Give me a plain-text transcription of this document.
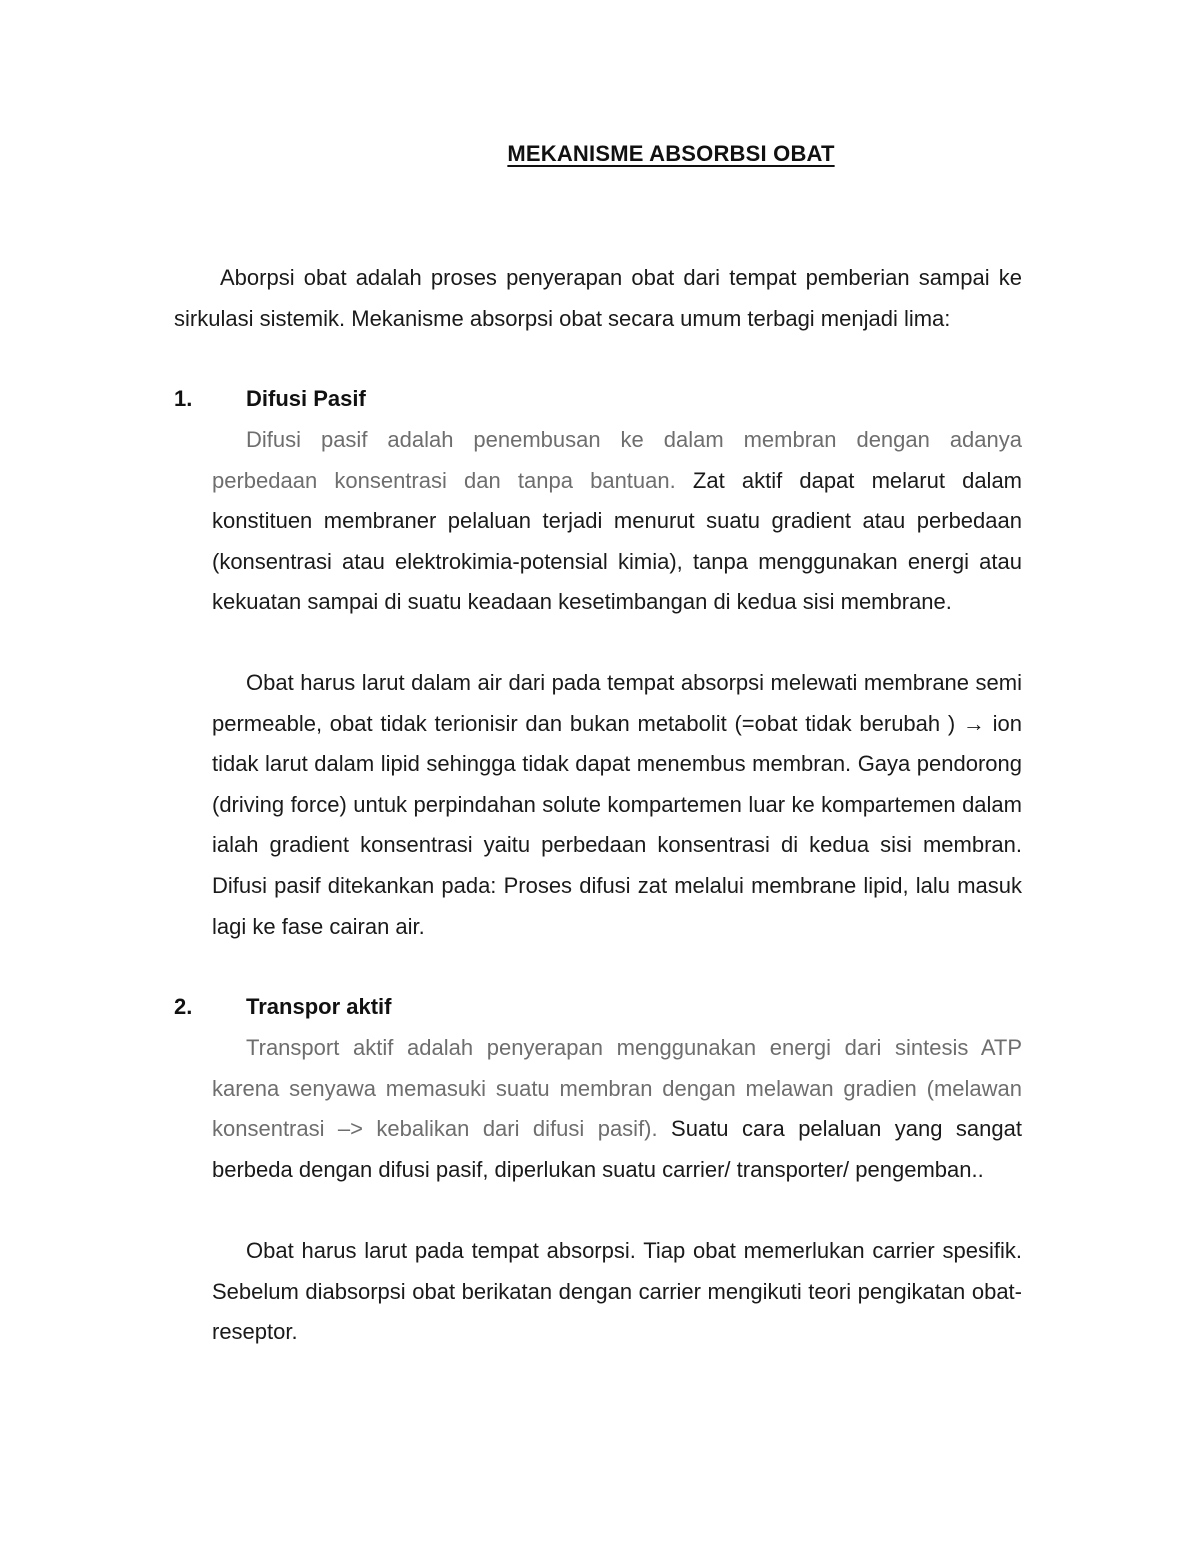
MEKANISME ABSORBSI OBAT
Aborpsi obat adalah proses penyerapan obat dari tempat pemberian sampai ke sirkulasi sistemik. Mekanisme absorpsi obat secara umum terbagi menjadi lima:
1. Difusi Pasif
Difusi pasif adalah penembusan ke dalam membran dengan adanya perbedaan konsentrasi dan tanpa bantuan. Zat aktif dapat melarut dalam konstituen membraner pelaluan terjadi menurut suatu gradient atau perbedaan (konsentrasi atau elektrokimia-potensial kimia), tanpa menggunakan energi atau kekuatan sampai di suatu keadaan kesetimbangan di kedua sisi membrane.
Obat harus larut dalam air dari pada tempat absorpsi melewati membrane semi permeable, obat tidak terionisir dan bukan metabolit (=obat tidak berubah ) → ion tidak larut dalam lipid sehingga tidak dapat menembus membran. Gaya pendorong (driving force) untuk perpindahan solute kompartemen luar ke kompartemen dalam ialah gradient konsentrasi yaitu perbedaan konsentrasi di kedua sisi membran. Difusi pasif ditekankan pada: Proses difusi zat melalui membrane lipid, lalu masuk lagi ke fase cairan air.
2. Transpor aktif
Transport aktif adalah penyerapan menggunakan energi dari sintesis ATP karena senyawa memasuki suatu membran dengan melawan gradien (melawan konsentrasi –> kebalikan dari difusi pasif). Suatu cara pelaluan yang sangat berbeda dengan difusi pasif, diperlukan suatu carrier/ transporter/ pengemban..
Obat harus larut pada tempat absorpsi. Tiap obat memerlukan carrier spesifik. Sebelum diabsorpsi obat berikatan dengan carrier mengikuti teori pengikatan obat-reseptor.
